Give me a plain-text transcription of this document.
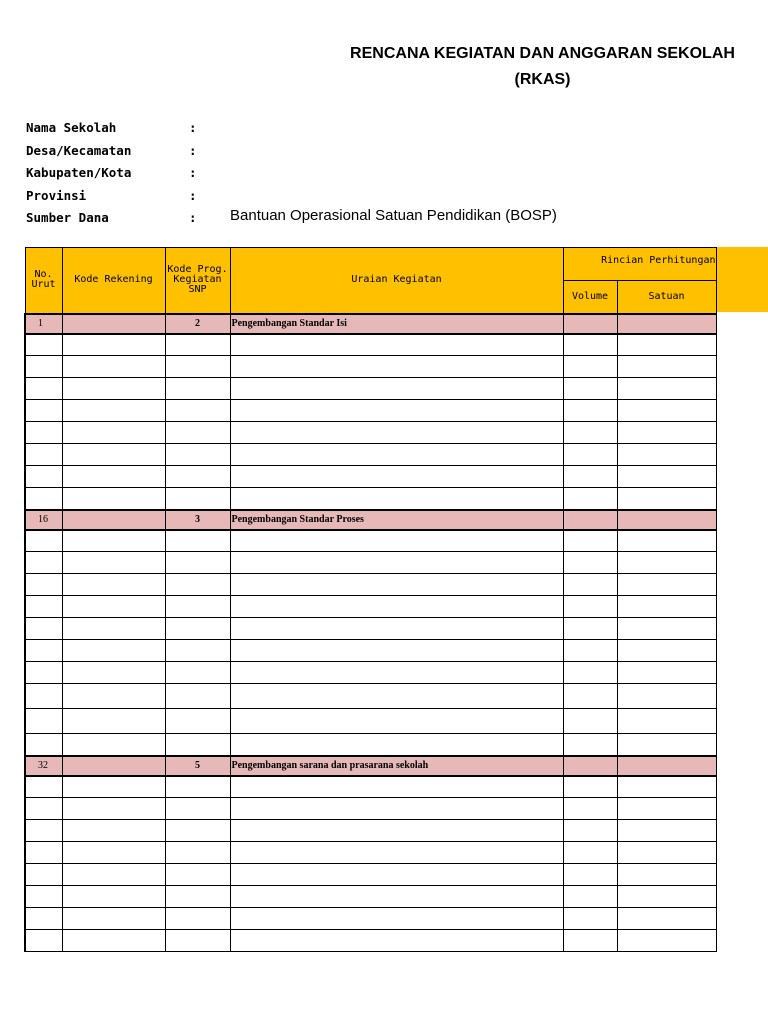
RENCANA KEGIATAN DAN ANGGARAN SEKOLAH
(RKAS)
Nama Sekolah	:
Desa/Kecamatan	:
Kabupaten/Kota	:
Provinsi	:
Sumber Dana	: Bantuan Operasional Satuan Pendidikan (BOSP)
No. Urut	Kode Rekening	Kode Prog. Kegiatan SNP	Uraian Kegiatan	Rincian Perhitungan	
				Volume	Satuan
1		2	Pengembangan Standar Isi		

16		3	Pengembangan Standar Proses		

32		5	Pengembangan sarana dan prasarana sekolah		
